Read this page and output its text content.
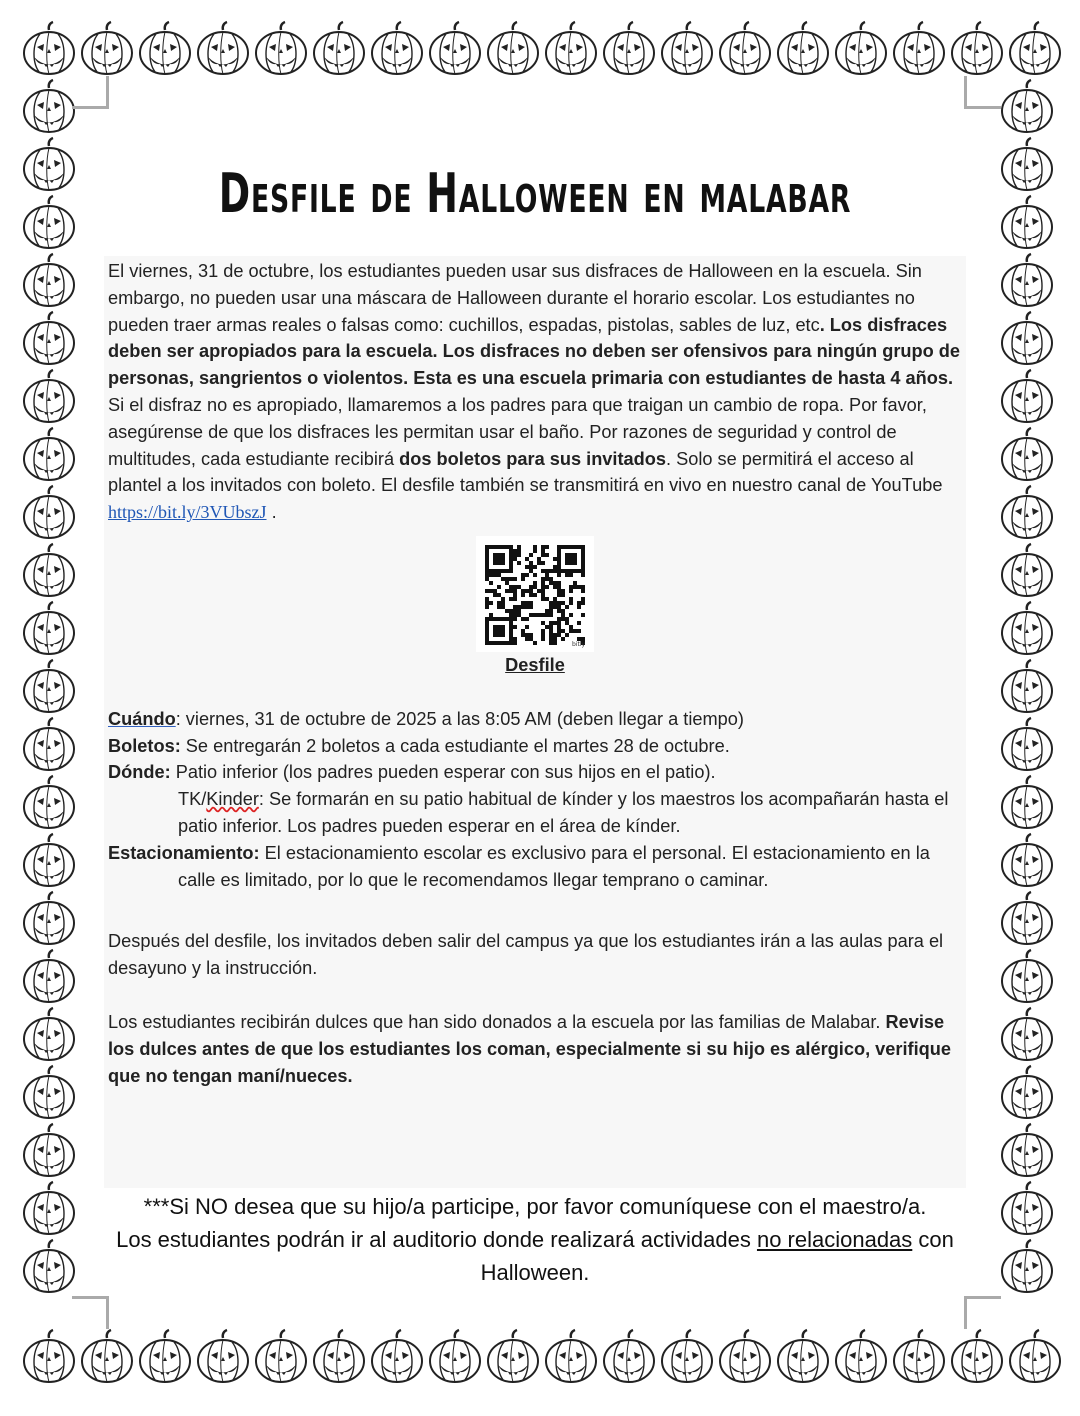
Desfile de Halloween en malabar

El viernes, 31 de octubre, los estudiantes pueden usar sus disfraces de Halloween en la escuela. Sin embargo, no pueden usar una máscara de Halloween durante el horario escolar. Los estudiantes no pueden traer armas reales o falsas como: cuchillos, espadas, pistolas, sables de luz, etc. Los disfraces deben ser apropiados para la escuela. Los disfraces no deben ser ofensivos para ningún grupo de personas, sangrientos o violentos. Esta es una escuela primaria con estudiantes de hasta 4 años. Si el disfraz no es apropiado, llamaremos a los padres para que traigan un cambio de ropa. Por favor, asegúrense de que los disfraces les permitan usar el baño. Por razones de seguridad y control de multitudes, cada estudiante recibirá dos boletos para sus invitados. Solo se permitirá el acceso al plantel a los invitados con boleto. El desfile también se transmitirá en vivo en nuestro canal de YouTube
https://bit.ly/3VUbszJ .

bitly

Desfile

Cuándo: viernes, 31 de octubre de 2025 a las 8:05 AM (deben llegar a tiempo)

Boletos: Se entregarán 2 boletos a cada estudiante el martes 28 de octubre.

Dónde: Patio inferior (los padres pueden esperar con sus hijos en el patio).

TK/Kinder: Se formarán en su patio habitual de kínder y los maestros los acompañarán hasta el patio inferior. Los padres pueden esperar en el área de kínder.

Estacionamiento: El estacionamiento escolar es exclusivo para el personal. El estacionamiento en la calle es limitado, por lo que le recomendamos llegar temprano o caminar.

Después del desfile, los invitados deben salir del campus ya que los estudiantes irán a las aulas para el desayuno y la instrucción.

Los estudiantes recibirán dulces que han sido donados a la escuela por las familias de Malabar. Revise los dulces antes de que los estudiantes los coman, especialmente si su hijo es alérgico, verifique que no tengan maní/nueces.

***Si NO desea que su hijo/a participe, por favor comuníquese con el maestro/a.
Los estudiantes podrán ir al auditorio donde realizará actividades no relacionadas con Halloween.
